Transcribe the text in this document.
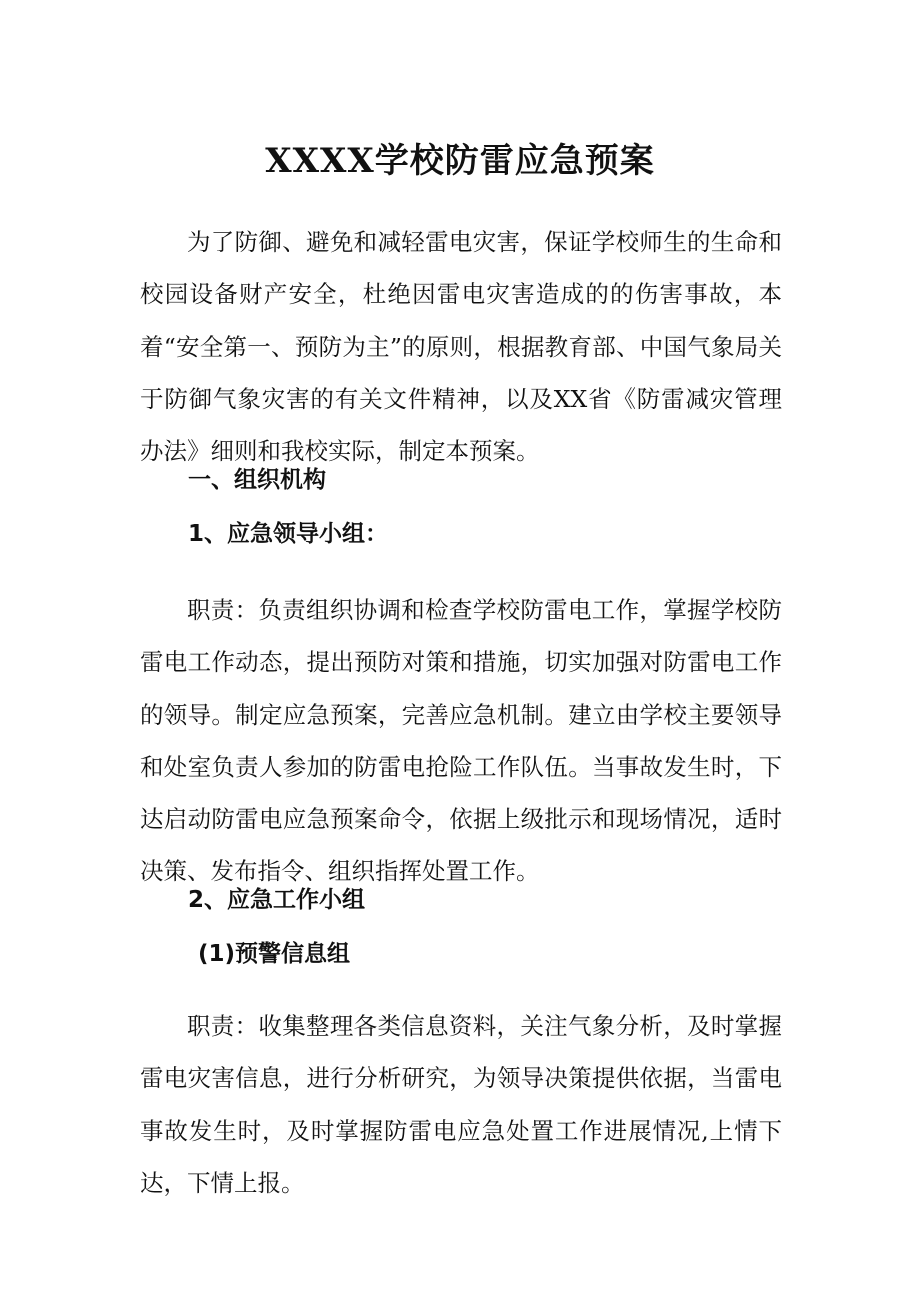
XXXX学校防雷应急预案

为了防御、避免和减轻雷电灾害，保证学校师生的生命和校园设备财产安全，杜绝因雷电灾害造成的的伤害事故，本着“安全第一、预防为主”的原则，根据教育部、中国气象局关于防御气象灾害的有关文件精神，以及XX省《防雷减灾管理办法》细则和我校实际，制定本预案。

一、组织机构
1、应急领导小组：

职责：负责组织协调和检查学校防雷电工作，掌握学校防雷电工作动态，提出预防对策和措施，切实加强对防雷电工作的领导。制定应急预案，完善应急机制。建立由学校主要领导和处室负责人参加的防雷电抢险工作队伍。当事故发生时，下达启动防雷电应急预案命令，依据上级批示和现场情况，适时决策、发布指令、组织指挥处置工作。

2、应急工作小组
(1)预警信息组

职责：收集整理各类信息资料，关注气象分析，及时掌握雷电灾害信息，进行分析研究，为领导决策提供依据，当雷电事故发生时，及时掌握防雷电应急处置工作进展情况,上情下达，下情上报。
